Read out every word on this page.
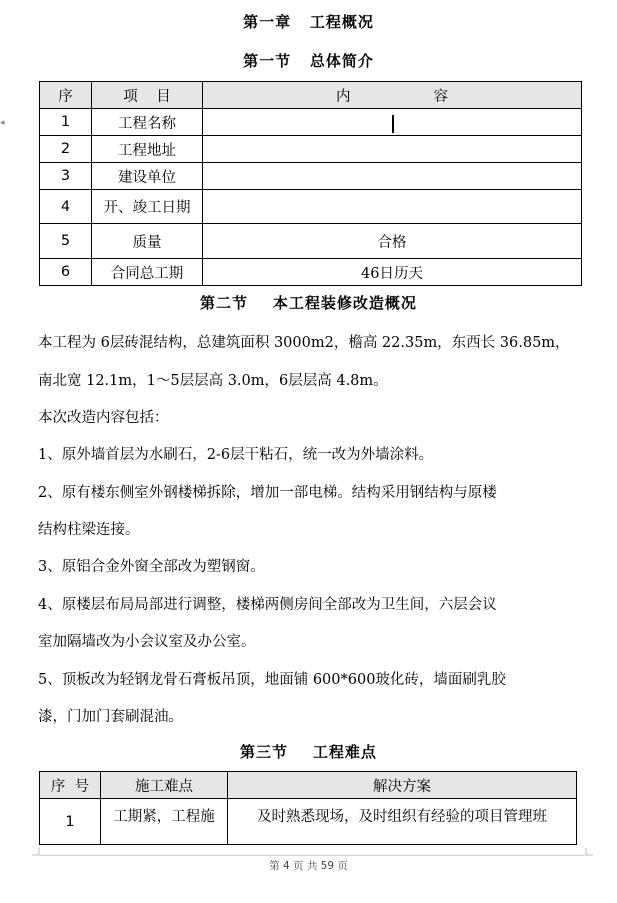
◂
第一章   工程概况
第一节   总体简介
序	项    目	内                  容
1	工程名称	
2	工程地址	
3	建设单位	
4	开、竣工日期	
5	质量	合格
6	合同总工期	46日历天
第二节    本工程装修改造概况
本工程为 6层砖混结构，总建筑面积 3000m2，檐高 22.35m，东西长 36.85m，
南北宽 12.1m，1～5层层高 3.0m，6层层高 4.8m。
本次改造内容包括：
1、原外墙首层为水刷石，2-6层干粘石，统一改为外墙涂料。
2、原有楼东侧室外钢楼梯拆除，增加一部电梯。结构采用钢结构与原楼
结构柱梁连接。
3、原铝合金外窗全部改为塑钢窗。
4、原楼层布局局部进行调整，楼梯两侧房间全部改为卫生间，六层会议
室加隔墙改为小会议室及办公室。
5、顶板改为轻钢龙骨石膏板吊顶，地面铺 600*600玻化砖，墙面刷乳胶
漆，门加门套刷混油。
第三节    工程难点
序  号	施工难点	解决方案
1	工期紧，工程施	及时熟悉现场，及时组织有经验的项目管理班
第 4 页 共 59 页
